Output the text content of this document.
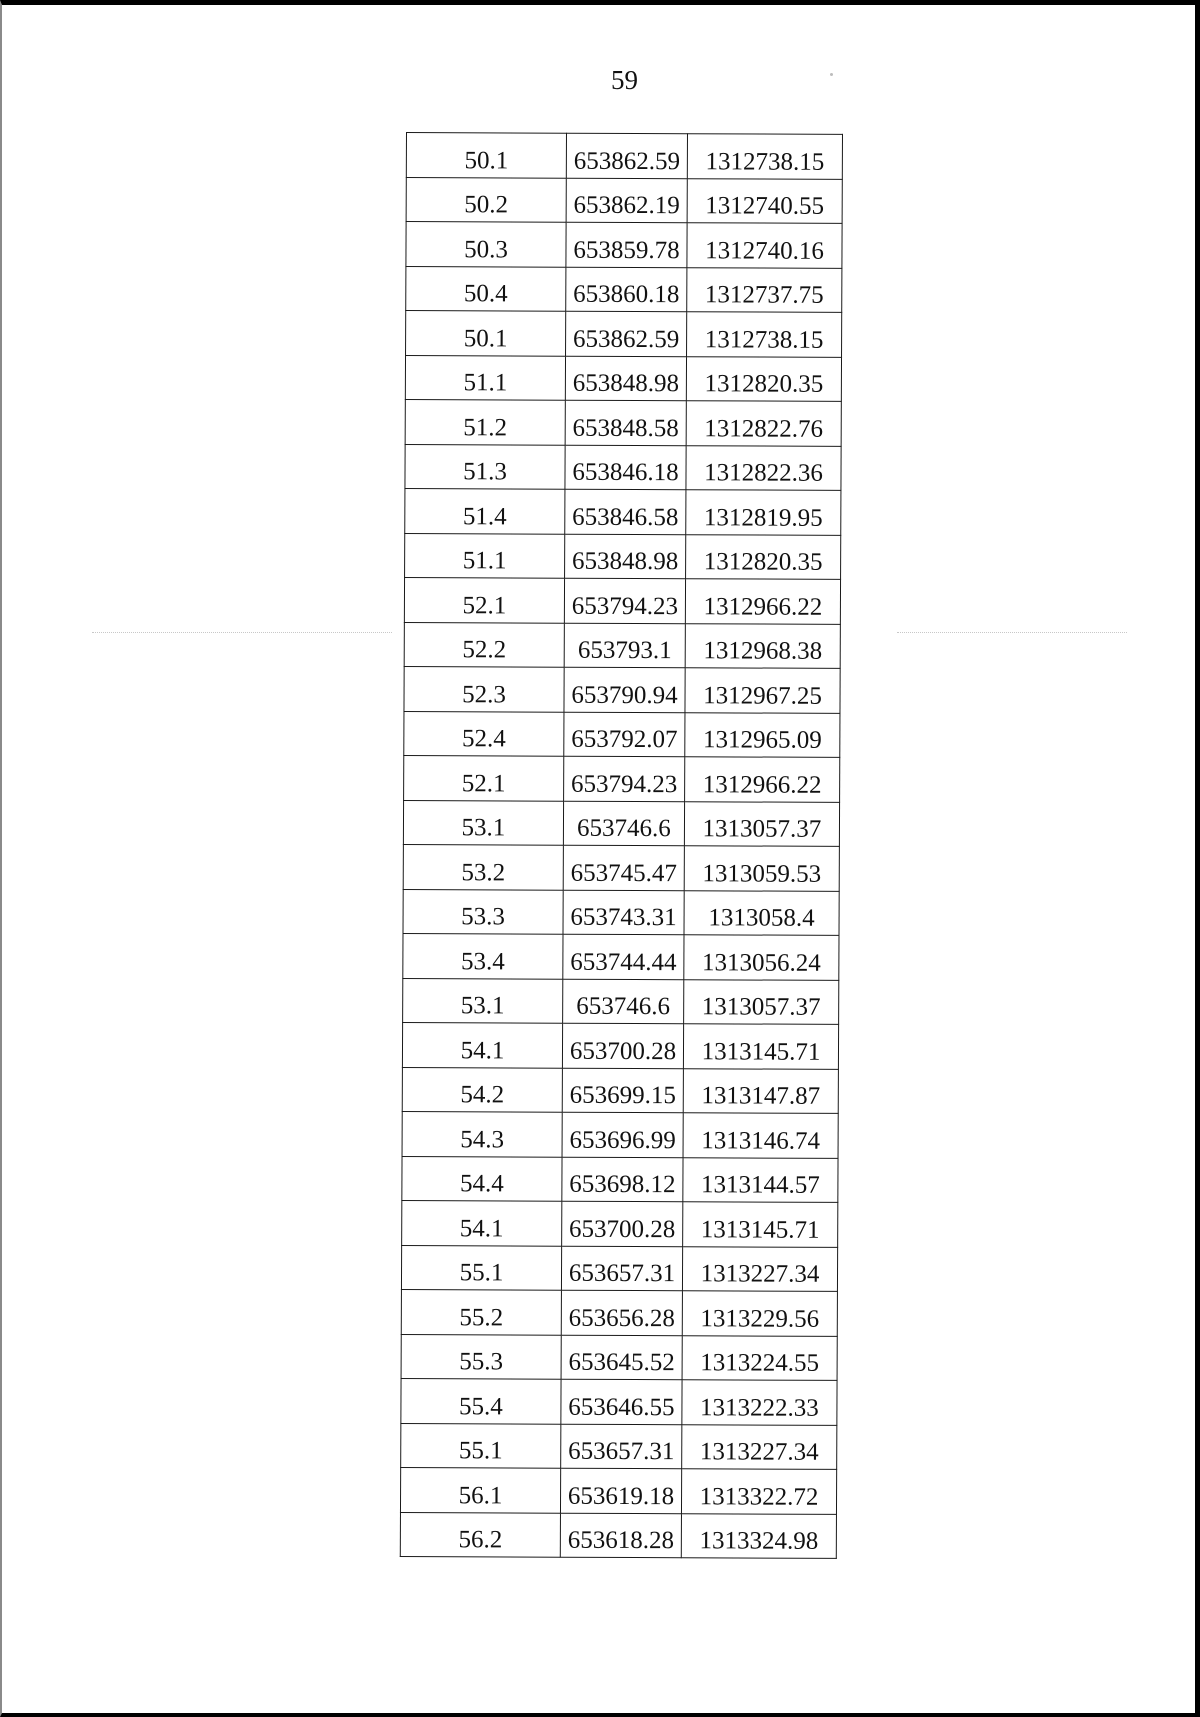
59
50.1	653862.59	1312738.15
50.2	653862.19	1312740.55
50.3	653859.78	1312740.16
50.4	653860.18	1312737.75
50.1	653862.59	1312738.15
51.1	653848.98	1312820.35
51.2	653848.58	1312822.76
51.3	653846.18	1312822.36
51.4	653846.58	1312819.95
51.1	653848.98	1312820.35
52.1	653794.23	1312966.22
52.2	653793.1	1312968.38
52.3	653790.94	1312967.25
52.4	653792.07	1312965.09
52.1	653794.23	1312966.22
53.1	653746.6	1313057.37
53.2	653745.47	1313059.53
53.3	653743.31	1313058.4
53.4	653744.44	1313056.24
53.1	653746.6	1313057.37
54.1	653700.28	1313145.71
54.2	653699.15	1313147.87
54.3	653696.99	1313146.74
54.4	653698.12	1313144.57
54.1	653700.28	1313145.71
55.1	653657.31	1313227.34
55.2	653656.28	1313229.56
55.3	653645.52	1313224.55
55.4	653646.55	1313222.33
55.1	653657.31	1313227.34
56.1	653619.18	1313322.72
56.2	653618.28	1313324.98
